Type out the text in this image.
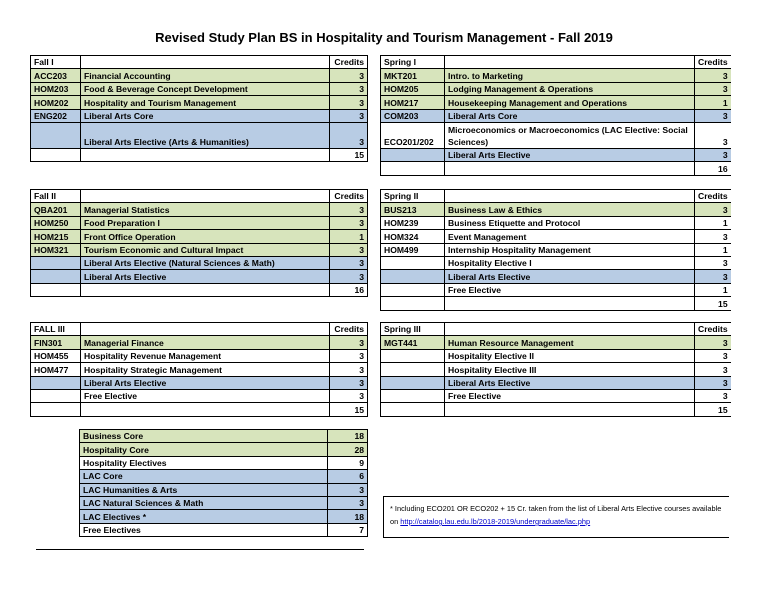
Revised Study Plan BS in Hospitality and Tourism Management - Fall 2019
Fall I		Credits
ACC203	Financial Accounting	3
HOM203	Food & Beverage Concept Development	3
HOM202	Hospitality and Tourism Management	3
ENG202	Liberal Arts Core	3
	Liberal Arts Elective (Arts & Humanities)	3
		15
Spring I		Credits
MKT201	Intro. to Marketing	3
HOM205	Lodging Management & Operations	3
HOM217	Housekeeping Management and Operations	1
COM203	Liberal Arts Core	3
ECO201/202	Microeconomics or Macroeconomics (LAC Elective: Social Sciences)	3
	Liberal Arts Elective	3
		16
Fall II		Credits
QBA201	Managerial Statistics	3
HOM250	Food Preparation I	3
HOM215	Front Office Operation	1
HOM321	Tourism Economic and Cultural Impact	3
	Liberal Arts Elective (Natural Sciences & Math)	3
	Liberal Arts Elective	3
		16
Spring II		Credits
BUS213	Business Law & Ethics	3
HOM239	Business Etiquette and Protocol	1
HOM324	Event Management	3
HOM499	Internship Hospitality Management	1
	Hospitality Elective I	3
	Liberal Arts Elective	3
	Free Elective	1
		15
FALL III		Credits
FIN301	Managerial Finance	3
HOM455	Hospitality Revenue Management	3
HOM477	Hospitality Strategic Management	3
	Liberal Arts Elective	3
	Free Elective	3
		15
Spring III		Credits
MGT441	Human Resource Management	3
	Hospitality Elective II	3
	Hospitality Elective III	3
	Liberal Arts Elective	3
	Free Elective	3
		15
Business Core	18
Hospitality Core	28
Hospitality Electives	9
LAC Core	6
LAC Humanities & Arts	3
LAC Natural Sciences & Math	3
LAC Electives *	18
Free Electives	7
* Including ECO201 OR ECO202 + 15 Cr. taken from the list of Liberal Arts Elective courses available on http://catalog.lau.edu.lb/2018-2019/undergraduate/lac.php
